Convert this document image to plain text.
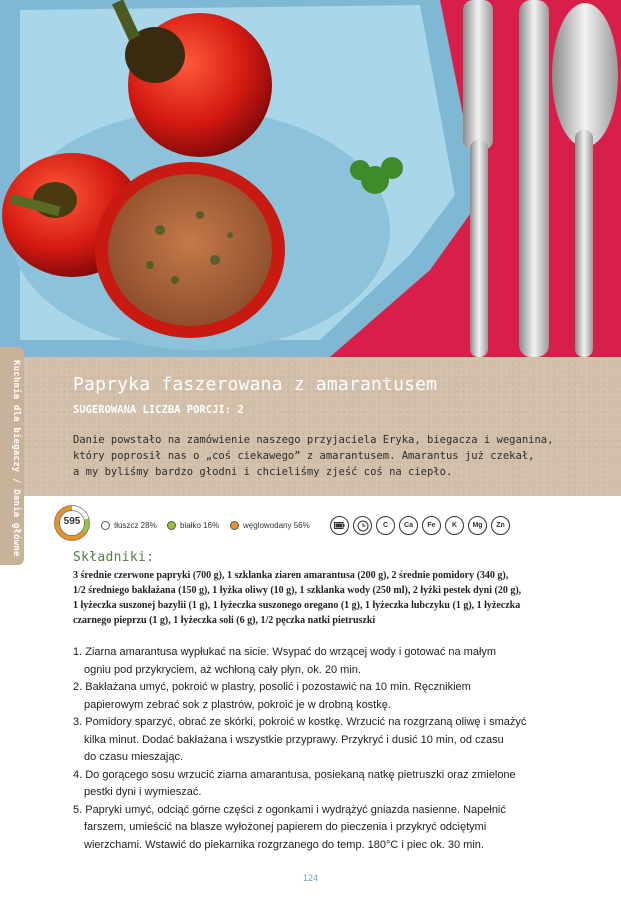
Kuchnia dla biegaczy / Dania główne	Papryka faszerowana z amarantusem
SUGEROWANA LICZBA PORCJI: 2
Danie powstało na zamówienie naszego przyjaciela Eryka, biegacza i weganina,
który poprosił nas o „coś ciekawego” z amarantusem. Amarantus już czekał,
a my byliśmy bardzo głodni i chcieliśmy zjeść coś na ciepło.
595	tłuszcz 28%	białko 16%	węglowodany 56%	C	Ca	Fe	K	Mg	Zn
Składniki:
3 średnie czerwone papryki (700 g), 1 szklanka ziaren amarantusa (200 g), 2 średnie pomidory (340 g),
1/2 średniego bakłażana (150 g), 1 łyżka oliwy (10 g), 1 szklanka wody (250 ml), 2 łyżki pestek dyni (20 g),
1 łyżeczka suszonej bazylii (1 g), 1 łyżeczka suszonego oregano (1 g), 1 łyżeczka lubczyku (1 g), 1 łyżeczka
czarnego pieprzu (1 g), 1 łyżeczka soli (6 g), 1/2 pęczka natki pietruszki
1. Ziarna amarantusa wypłukać na sicie. Wsypać do wrzącej wody i gotować na małym
ogniu pod przykryciem, aż wchłoną cały płyn, ok. 20 min.
2. Bakłażana umyć, pokroić w plastry, posolić i pozostawić na 10 min. Ręcznikiem
papierowym zebrać sok z plastrów, pokroić je w drobną kostkę.
3. Pomidory sparzyć, obrać ze skórki, pokroić w kostkę. Wrzucić na rozgrzaną oliwę i smażyć
kilka minut. Dodać bakłażana i wszystkie przyprawy. Przykryć i dusić 10 min, od czasu
do czasu mieszając.
4. Do gorącego sosu wrzucić ziarna amarantusa, posiekaną natkę pietruszki oraz zmielone
pestki dyni i wymieszać.
5. Papryki umyć, odciąć górne części z ogonkami i wydrążyć gniazda nasienne. Napełnić
farszem, umieścić na blasze wyłożonej papierem do pieczenia i przykryć odciętymi
wierzchami. Wstawić do piekarnika rozgrzanego do temp. 180°C i piec ok. 30 min.
124
